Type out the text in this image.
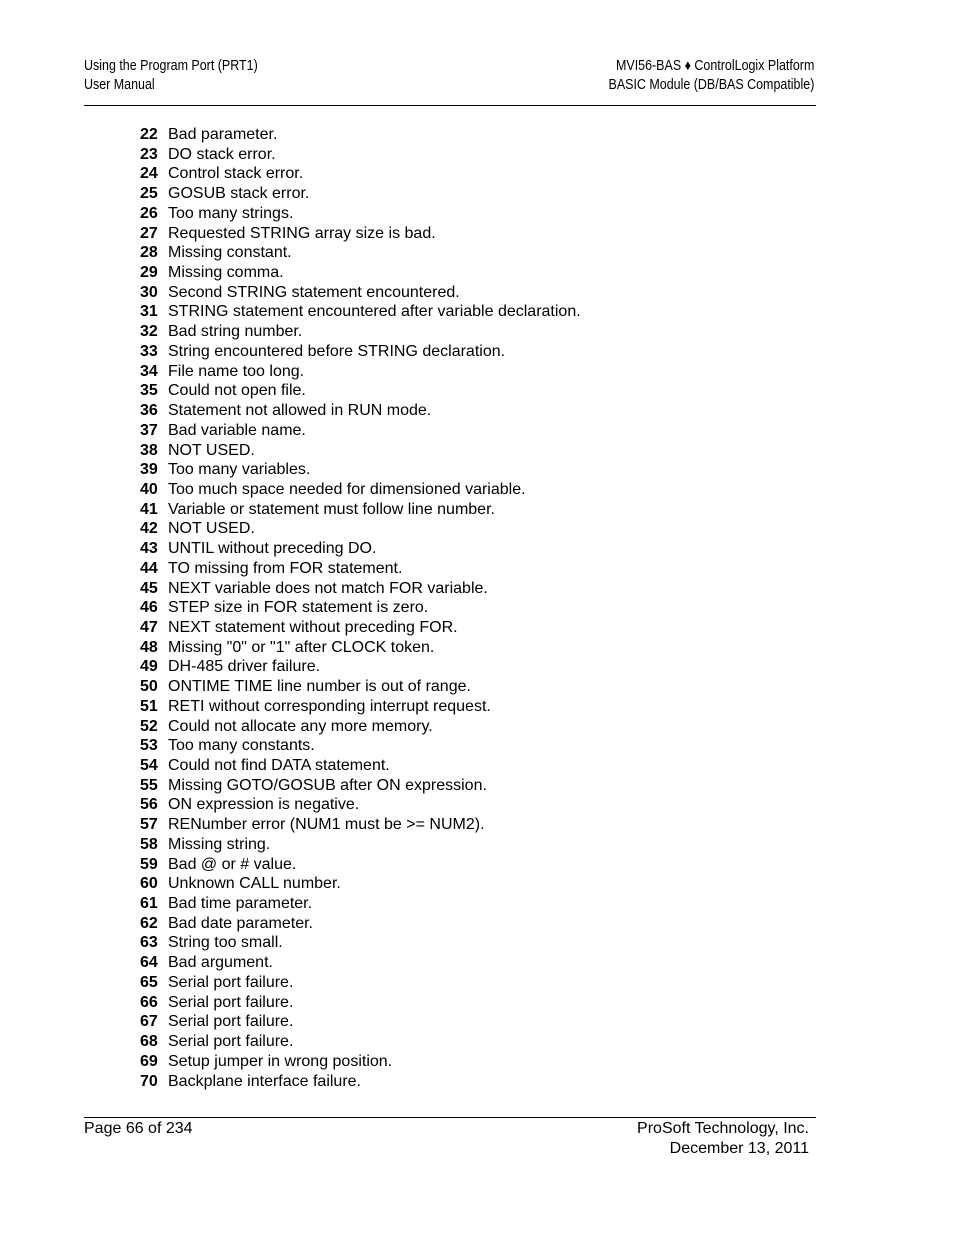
Using the Program Port (PRT1)
User Manual
MVI56-BAS ♦ ControlLogix Platform
BASIC Module (DB/BAS Compatible)
22 Bad parameter.
23 DO stack error.
24 Control stack error.
25 GOSUB stack error.
26 Too many strings.
27 Requested STRING array size is bad.
28 Missing constant.
29 Missing comma.
30 Second STRING statement encountered.
31 STRING statement encountered after variable declaration.
32 Bad string number.
33 String encountered before STRING declaration.
34 File name too long.
35 Could not open file.
36 Statement not allowed in RUN mode.
37 Bad variable name.
38 NOT USED.
39 Too many variables.
40 Too much space needed for dimensioned variable.
41 Variable or statement must follow line number.
42 NOT USED.
43 UNTIL without preceding DO.
44 TO missing from FOR statement.
45 NEXT variable does not match FOR variable.
46 STEP size in FOR statement is zero.
47 NEXT statement without preceding FOR.
48 Missing "0" or "1" after CLOCK token.
49 DH-485 driver failure.
50 ONTIME TIME line number is out of range.
51 RETI without corresponding interrupt request.
52 Could not allocate any more memory.
53 Too many constants.
54 Could not find DATA statement.
55 Missing GOTO/GOSUB after ON expression.
56 ON expression is negative.
57 RENumber error (NUM1 must be >= NUM2).
58 Missing string.
59 Bad @ or # value.
60 Unknown CALL number.
61 Bad time parameter.
62 Bad date parameter.
63 String too small.
64 Bad argument.
65 Serial port failure.
66 Serial port failure.
67 Serial port failure.
68 Serial port failure.
69 Setup jumper in wrong position.
70 Backplane interface failure.
Page 66 of 234	ProSoft Technology, Inc.
December 13, 2011
